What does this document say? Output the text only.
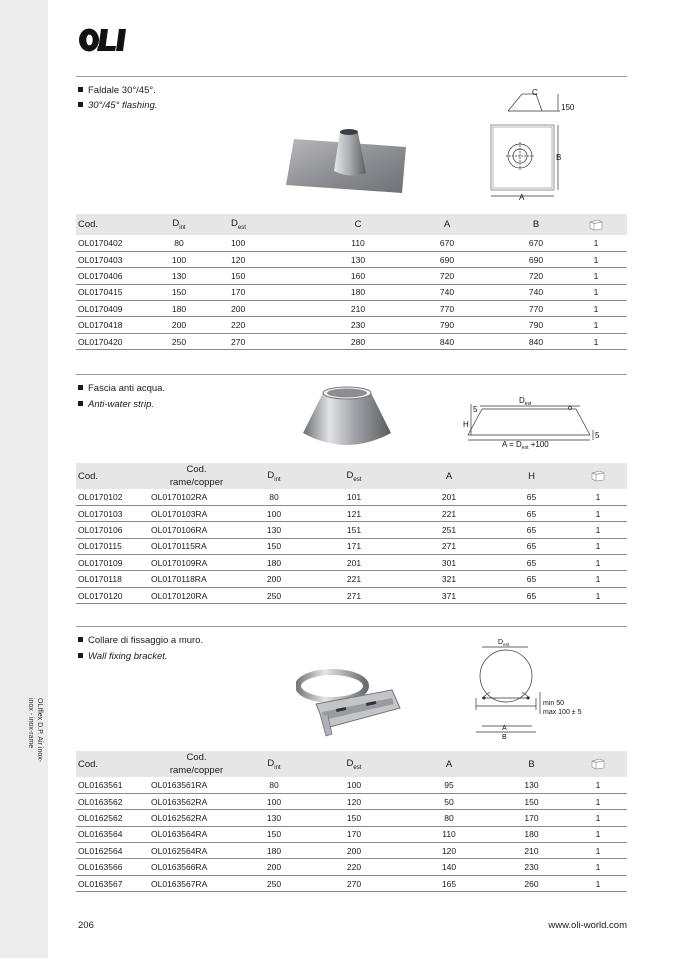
OLIflex D.P. Air inox-
inox - inox-rame
Faldale 30°/45°.
30°/45° flashing.
C
150
B
A
Cod.	$D_{int}$	$D_{est}$	C	A	B	
OL0170402	80	100	110	670	670	1
OL0170403	100	120	130	690	690	1
OL0170406	130	150	160	720	720	1
OL0170415	150	170	180	740	740	1
OL0170409	180	200	210	770	770	1
OL0170418	200	220	230	790	790	1
OL0170420	250	270	280	840	840	1
Fascia anti acqua.
Anti-water strip.	$D_{est}$
5
H
5
$A = D_{est} +100$
Cod.	Cod.
rame/copper	$D_{int}$	$D_{est}$	A	H	
OL0170102	OL0170102RA	80	101	201	65	1
OL0170103	OL0170103RA	100	121	221	65	1
OL0170106	OL0170106RA	130	151	251	65	1
OL0170115	OL0170115RA	150	171	271	65	1
OL0170109	OL0170109RA	180	201	301	65	1
OL0170118	OL0170118RA	200	221	321	65	1
OL0170120	OL0170120RA	250	271	371	65	1
Collare di fissaggio a muro.
Wall fixing bracket.
$D_{est}$
min 50
max 100 ± 5
A
B
Cod.	Cod.
rame/copper	$D_{int}$	$D_{est}$	A	B	
OL0163561	OL0163561RA	80	100	95	130	1
OL0163562	OL0163562RA	100	120	50	150	1
OL0162562	OL0162562RA	130	150	80	170	1
OL0163564	OL0163564RA	150	170	110	180	1
OL0162564	OL0162564RA	180	200	120	210	1
OL0163566	OL0163566RA	200	220	140	230	1
OL0163567	OL0163567RA	250	270	165	260	1
206	www.oli-world.com
